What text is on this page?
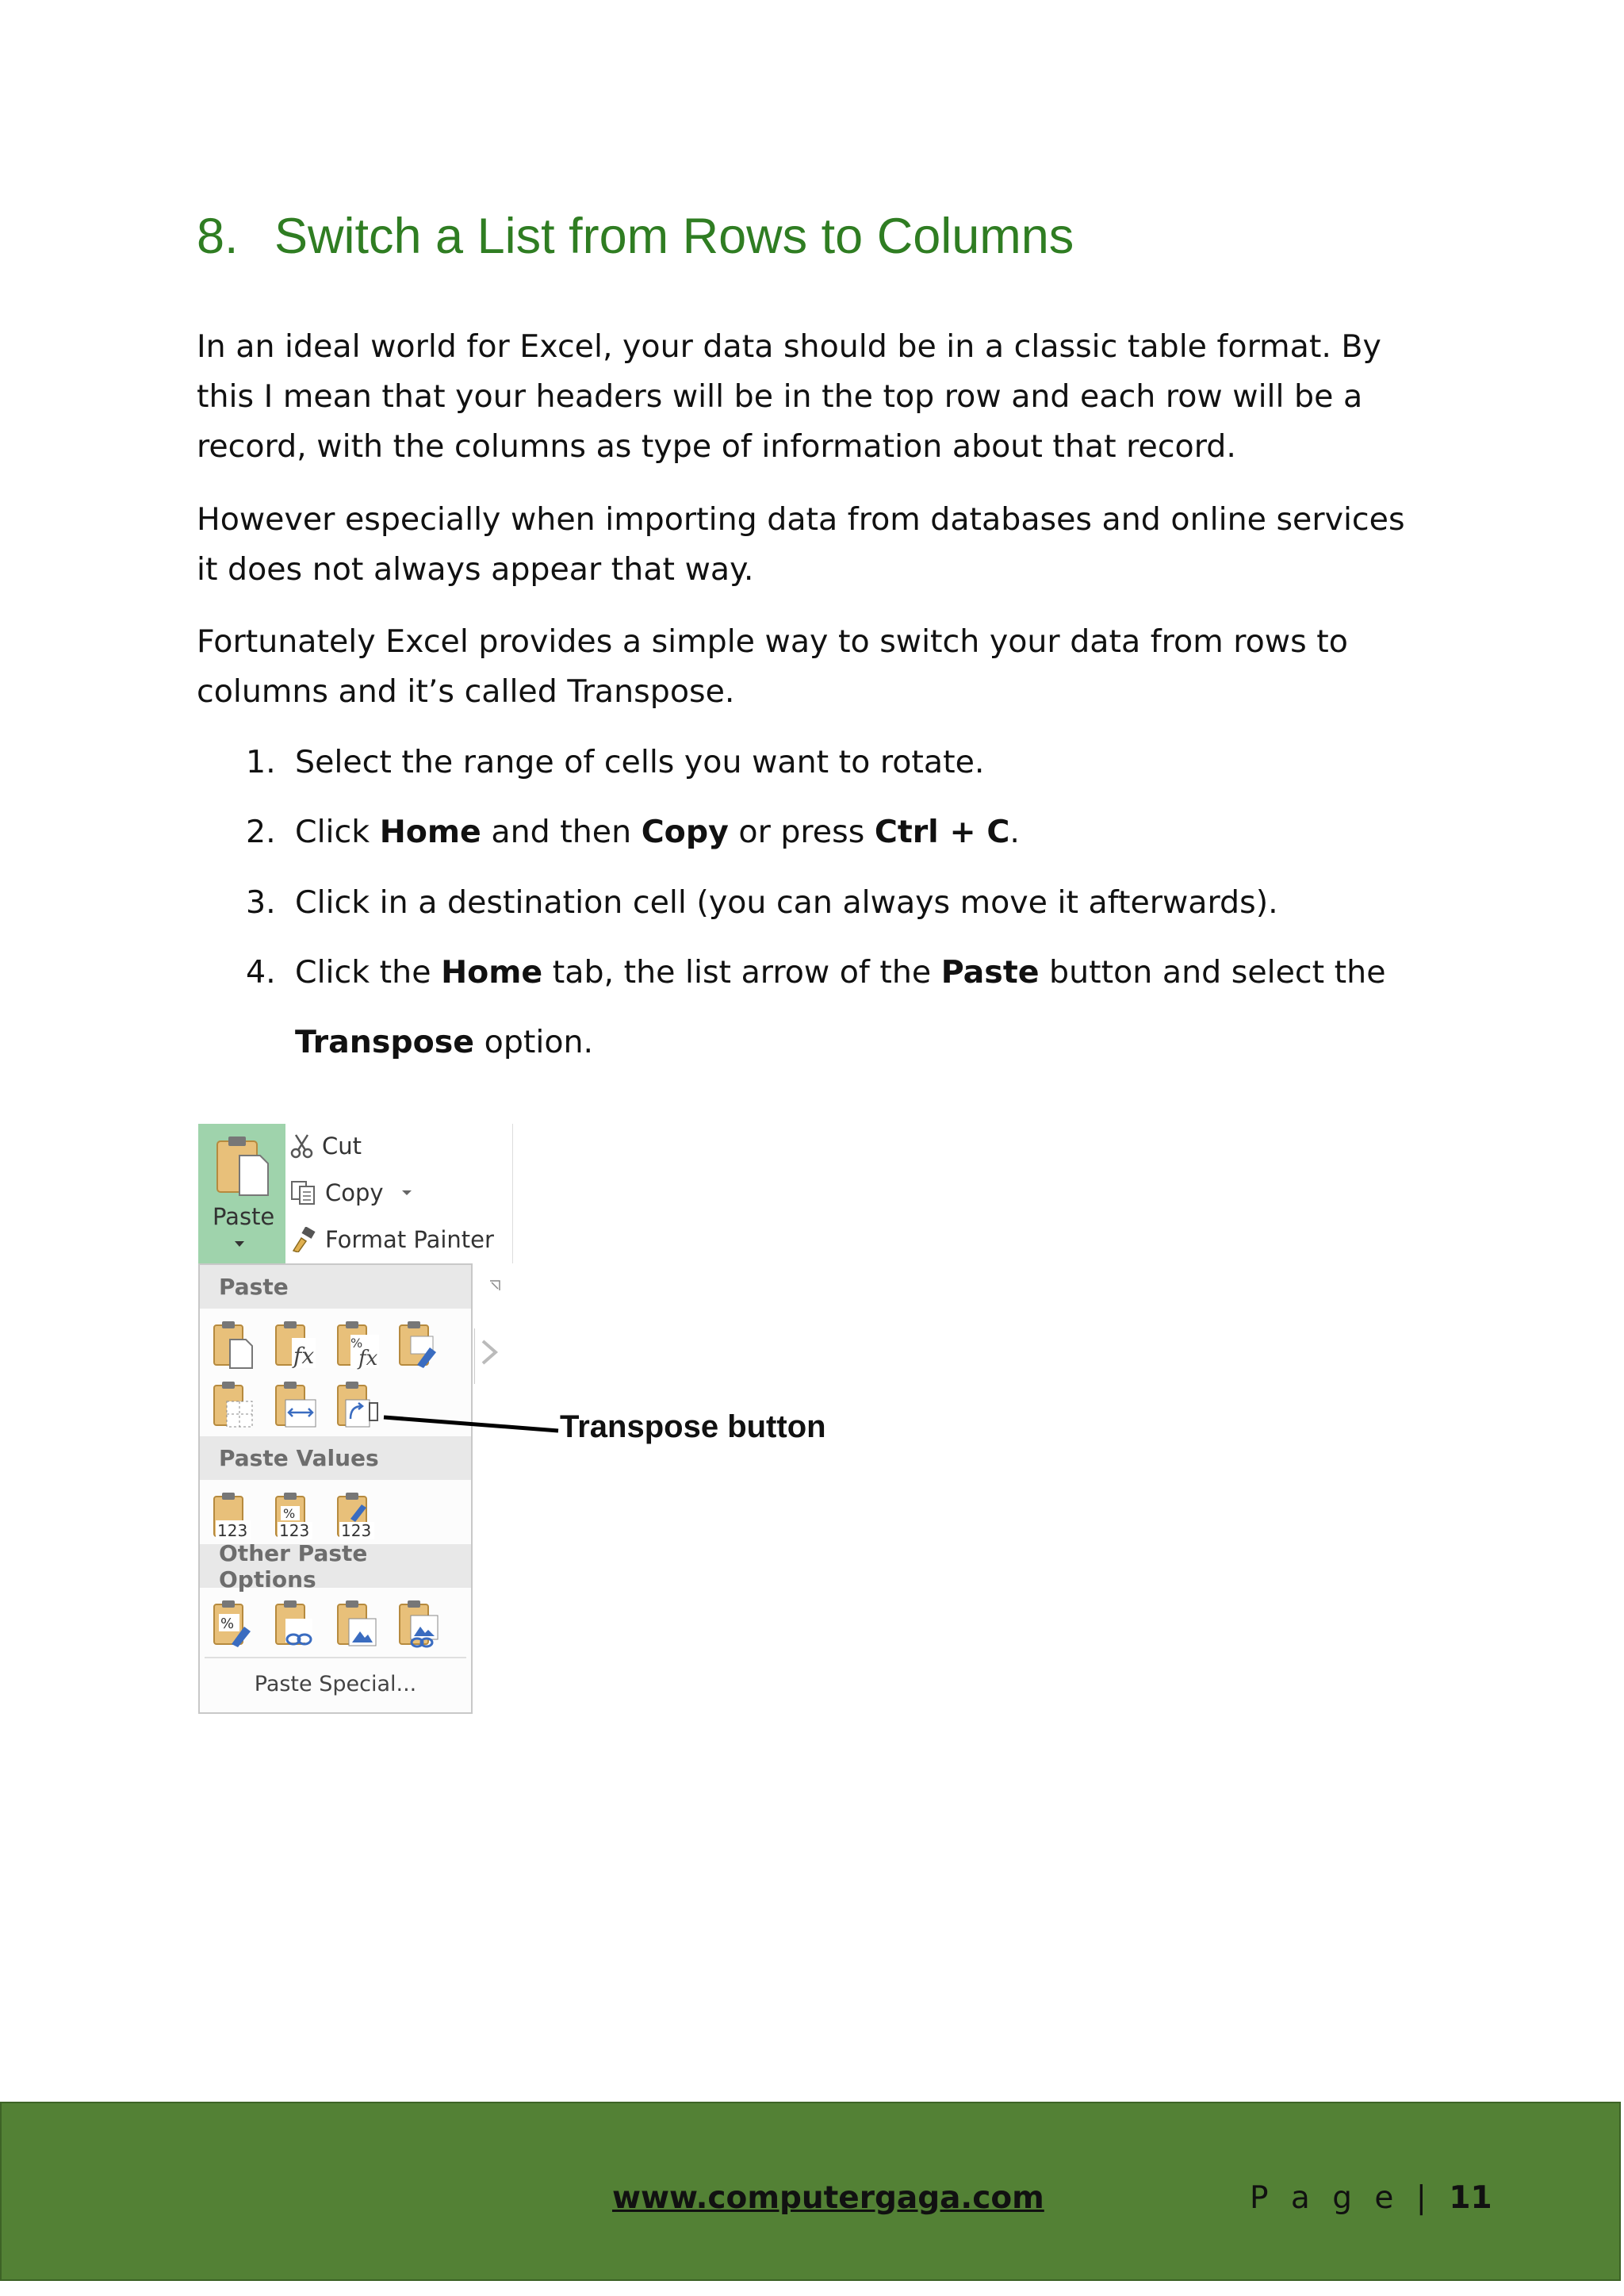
8. Switch a List from Rows to Columns

In an ideal world for Excel, your data should be in a classic table format. By this I mean that your headers will be in the top row and each row will be a record, with the columns as type of information about that record.

However especially when importing data from databases and online services it does not always appear that way.

Fortunately Excel provides a simple way to switch your data from rows to columns and it’s called Transpose.

1. Select the range of cells you want to rotate.
2. Click Home and then Copy or press Ctrl + C.
3. Click in a destination cell (you can always move it afterwards).
4. Click the Home tab, the list arrow of the Paste button and select the
Transpose option.
Paste
Cut
Copy
Format Painter
Paste
fx	%
fx
Paste Values
123
%
123 123
Other Paste Options
%
Paste Special...
Transpose button
www.computergaga.com	P a g e | 11
